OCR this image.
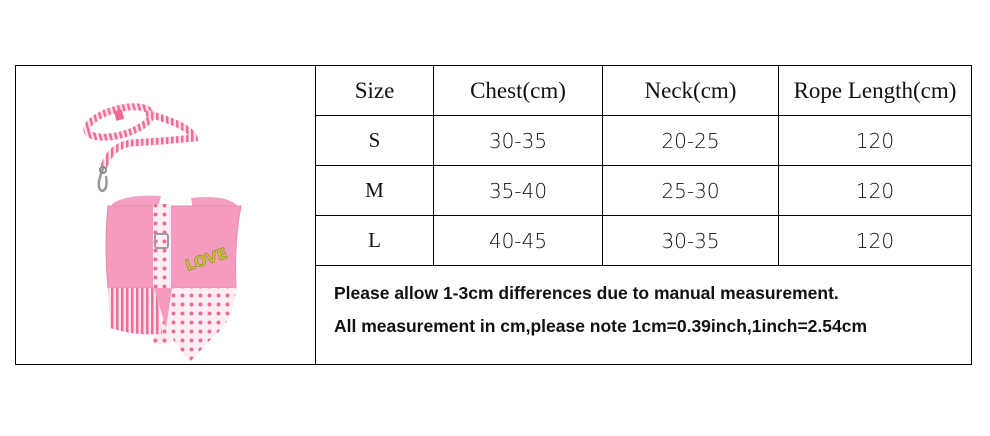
LOVE
Size	Chest(cm)	Neck(cm)	Rope Length(cm)
S	30-35	20-25	120
M	35-40	25-30	120
L	40-45	30-35	120
Please allow 1-3cm differences due to manual measurement.
All measurement in cm,please note 1cm=0.39inch,1inch=2.54cm
